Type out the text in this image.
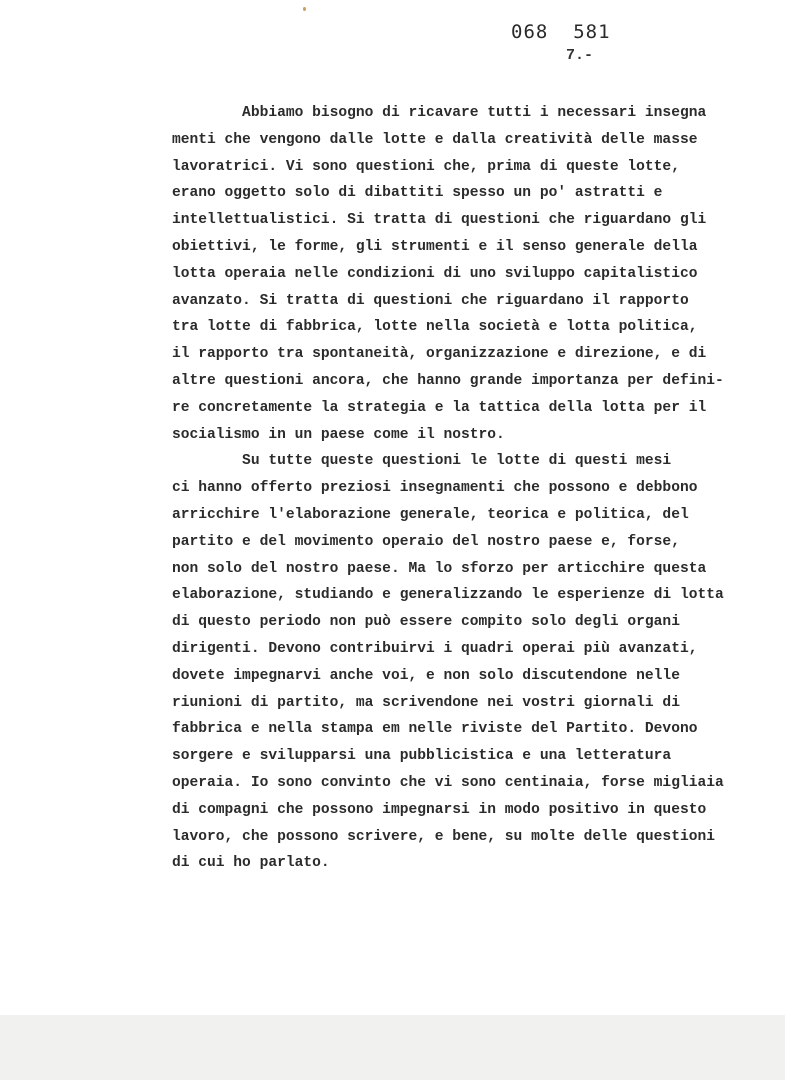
068  581
7.-
Abbiamo bisogno di ricavare tutti i necessari insegna
menti che vengono dalle lotte e dalla creatività delle masse
lavoratrici. Vi sono questioni che, prima di queste lotte,
erano oggetto solo di dibattiti spesso un po' astratti e
intellettualistici. Si tratta di questioni che riguardano gli
obiettivi, le forme, gli strumenti e il senso generale della
lotta operaia nelle condizioni di uno sviluppo capitalistico
avanzato. Si tratta di questioni che riguardano il rapporto
tra lotte di fabbrica, lotte nella società e lotta politica,
il rapporto tra spontaneità, organizzazione e direzione, e di
altre questioni ancora, che hanno grande importanza per defini-
re concretamente la strategia e la tattica della lotta per il
socialismo in un paese come il nostro.
Su tutte queste questioni le lotte di questi mesi
ci hanno offerto preziosi insegnamenti che possono e debbono
arricchire l'elaborazione generale, teorica e politica, del
partito e del movimento operaio del nostro paese e, forse,
non solo del nostro paese. Ma lo sforzo per articchire questa
elaborazione, studiando e generalizzando le esperienze di lotta
di questo periodo non può essere compito solo degli organi
dirigenti. Devono contribuirvi i quadri operai più avanzati,
dovete impegnarvi anche voi, e non solo discutendone nelle
riunioni di partito, ma scrivendone nei vostri giornali di
fabbrica e nella stampa em nelle riviste del Partito. Devono
sorgere e svilupparsi una pubblicistica e una letteratura
operaia. Io sono convinto che vi sono centinaia, forse migliaia
di compagni che possono impegnarsi in modo positivo in questo
lavoro, che possono scrivere, e bene, su molte delle questioni
di cui ho parlato.
